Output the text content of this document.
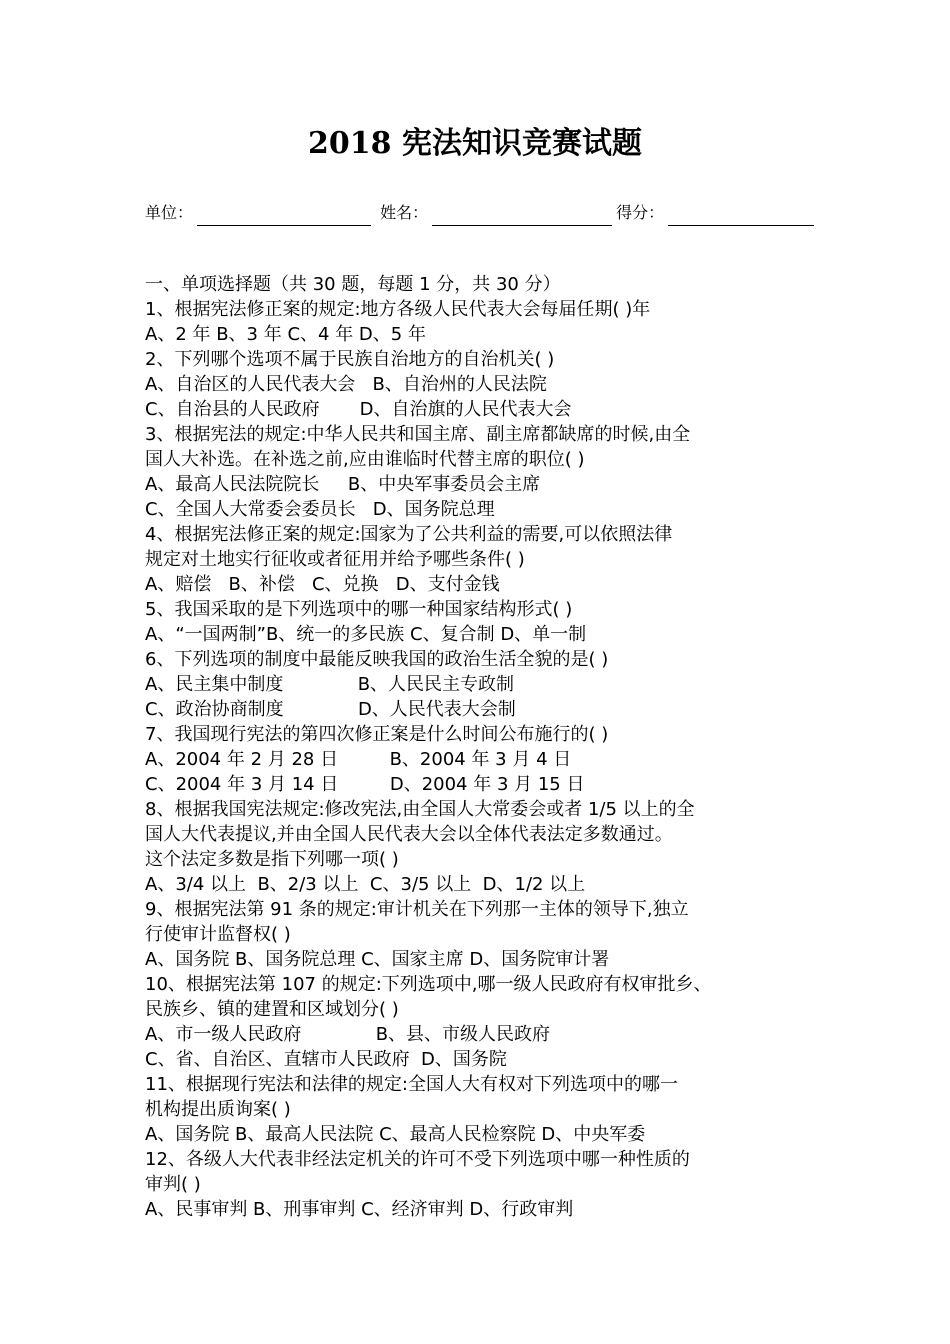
2018 宪法知识竞赛试题
单位：	姓名：	得分：
一、单项选择题（共 30 题，每题 1 分，共 30 分）
1、根据宪法修正案的规定:地方各级人民代表大会每届任期( )年
A、2 年 B、3 年 C、4 年 D、5 年
2、下列哪个选项不属于民族自治地方的自治机关( )
A、自治区的人民代表大会   B、自治州的人民法院
C、自治县的人民政府       D、自治旗的人民代表大会
3、根据宪法的规定:中华人民共和国主席、副主席都缺席的时候,由全
国人大补选。在补选之前,应由谁临时代替主席的职位( )
A、最高人民法院院长     B、中央军事委员会主席
C、全国人大常委会委员长   D、国务院总理
4、根据宪法修正案的规定:国家为了公共利益的需要,可以依照法律
规定对土地实行征收或者征用并给予哪些条件( )
A、赔偿   B、补偿   C、兑换   D、支付金钱
5、我国采取的是下列选项中的哪一种国家结构形式( )
A、“一国两制”B、统一的多民族 C、复合制 D、单一制
6、下列选项的制度中最能反映我国的政治生活全貌的是( )
A、民主集中制度             B、人民民主专政制
C、政治协商制度             D、人民代表大会制
7、我国现行宪法的第四次修正案是什么时间公布施行的( )
A、2004 年 2 月 28 日         B、2004 年 3 月 4 日
C、2004 年 3 月 14 日         D、2004 年 3 月 15 日
8、根据我国宪法规定:修改宪法,由全国人大常委会或者 1/5 以上的全
国人大代表提议,并由全国人民代表大会以全体代表法定多数通过。
这个法定多数是指下列哪一项( )
A、3/4 以上  B、2/3 以上  C、3/5 以上  D、1/2 以上
9、根据宪法第 91 条的规定:审计机关在下列那一主体的领导下,独立
行使审计监督权( )
A、国务院 B、国务院总理 C、国家主席 D、国务院审计署
10、根据宪法第 107 的规定:下列选项中,哪一级人民政府有权审批乡、
民族乡、镇的建置和区域划分( )
A、市一级人民政府             B、县、市级人民政府
C、省、自治区、直辖市人民政府  D、国务院
11、根据现行宪法和法律的规定:全国人大有权对下列选项中的哪一
机构提出质询案( )
A、国务院 B、最高人民法院 C、最高人民检察院 D、中央军委
12、各级人大代表非经法定机关的许可不受下列选项中哪一种性质的
审判( )
A、民事审判 B、刑事审判 C、经济审判 D、行政审判
